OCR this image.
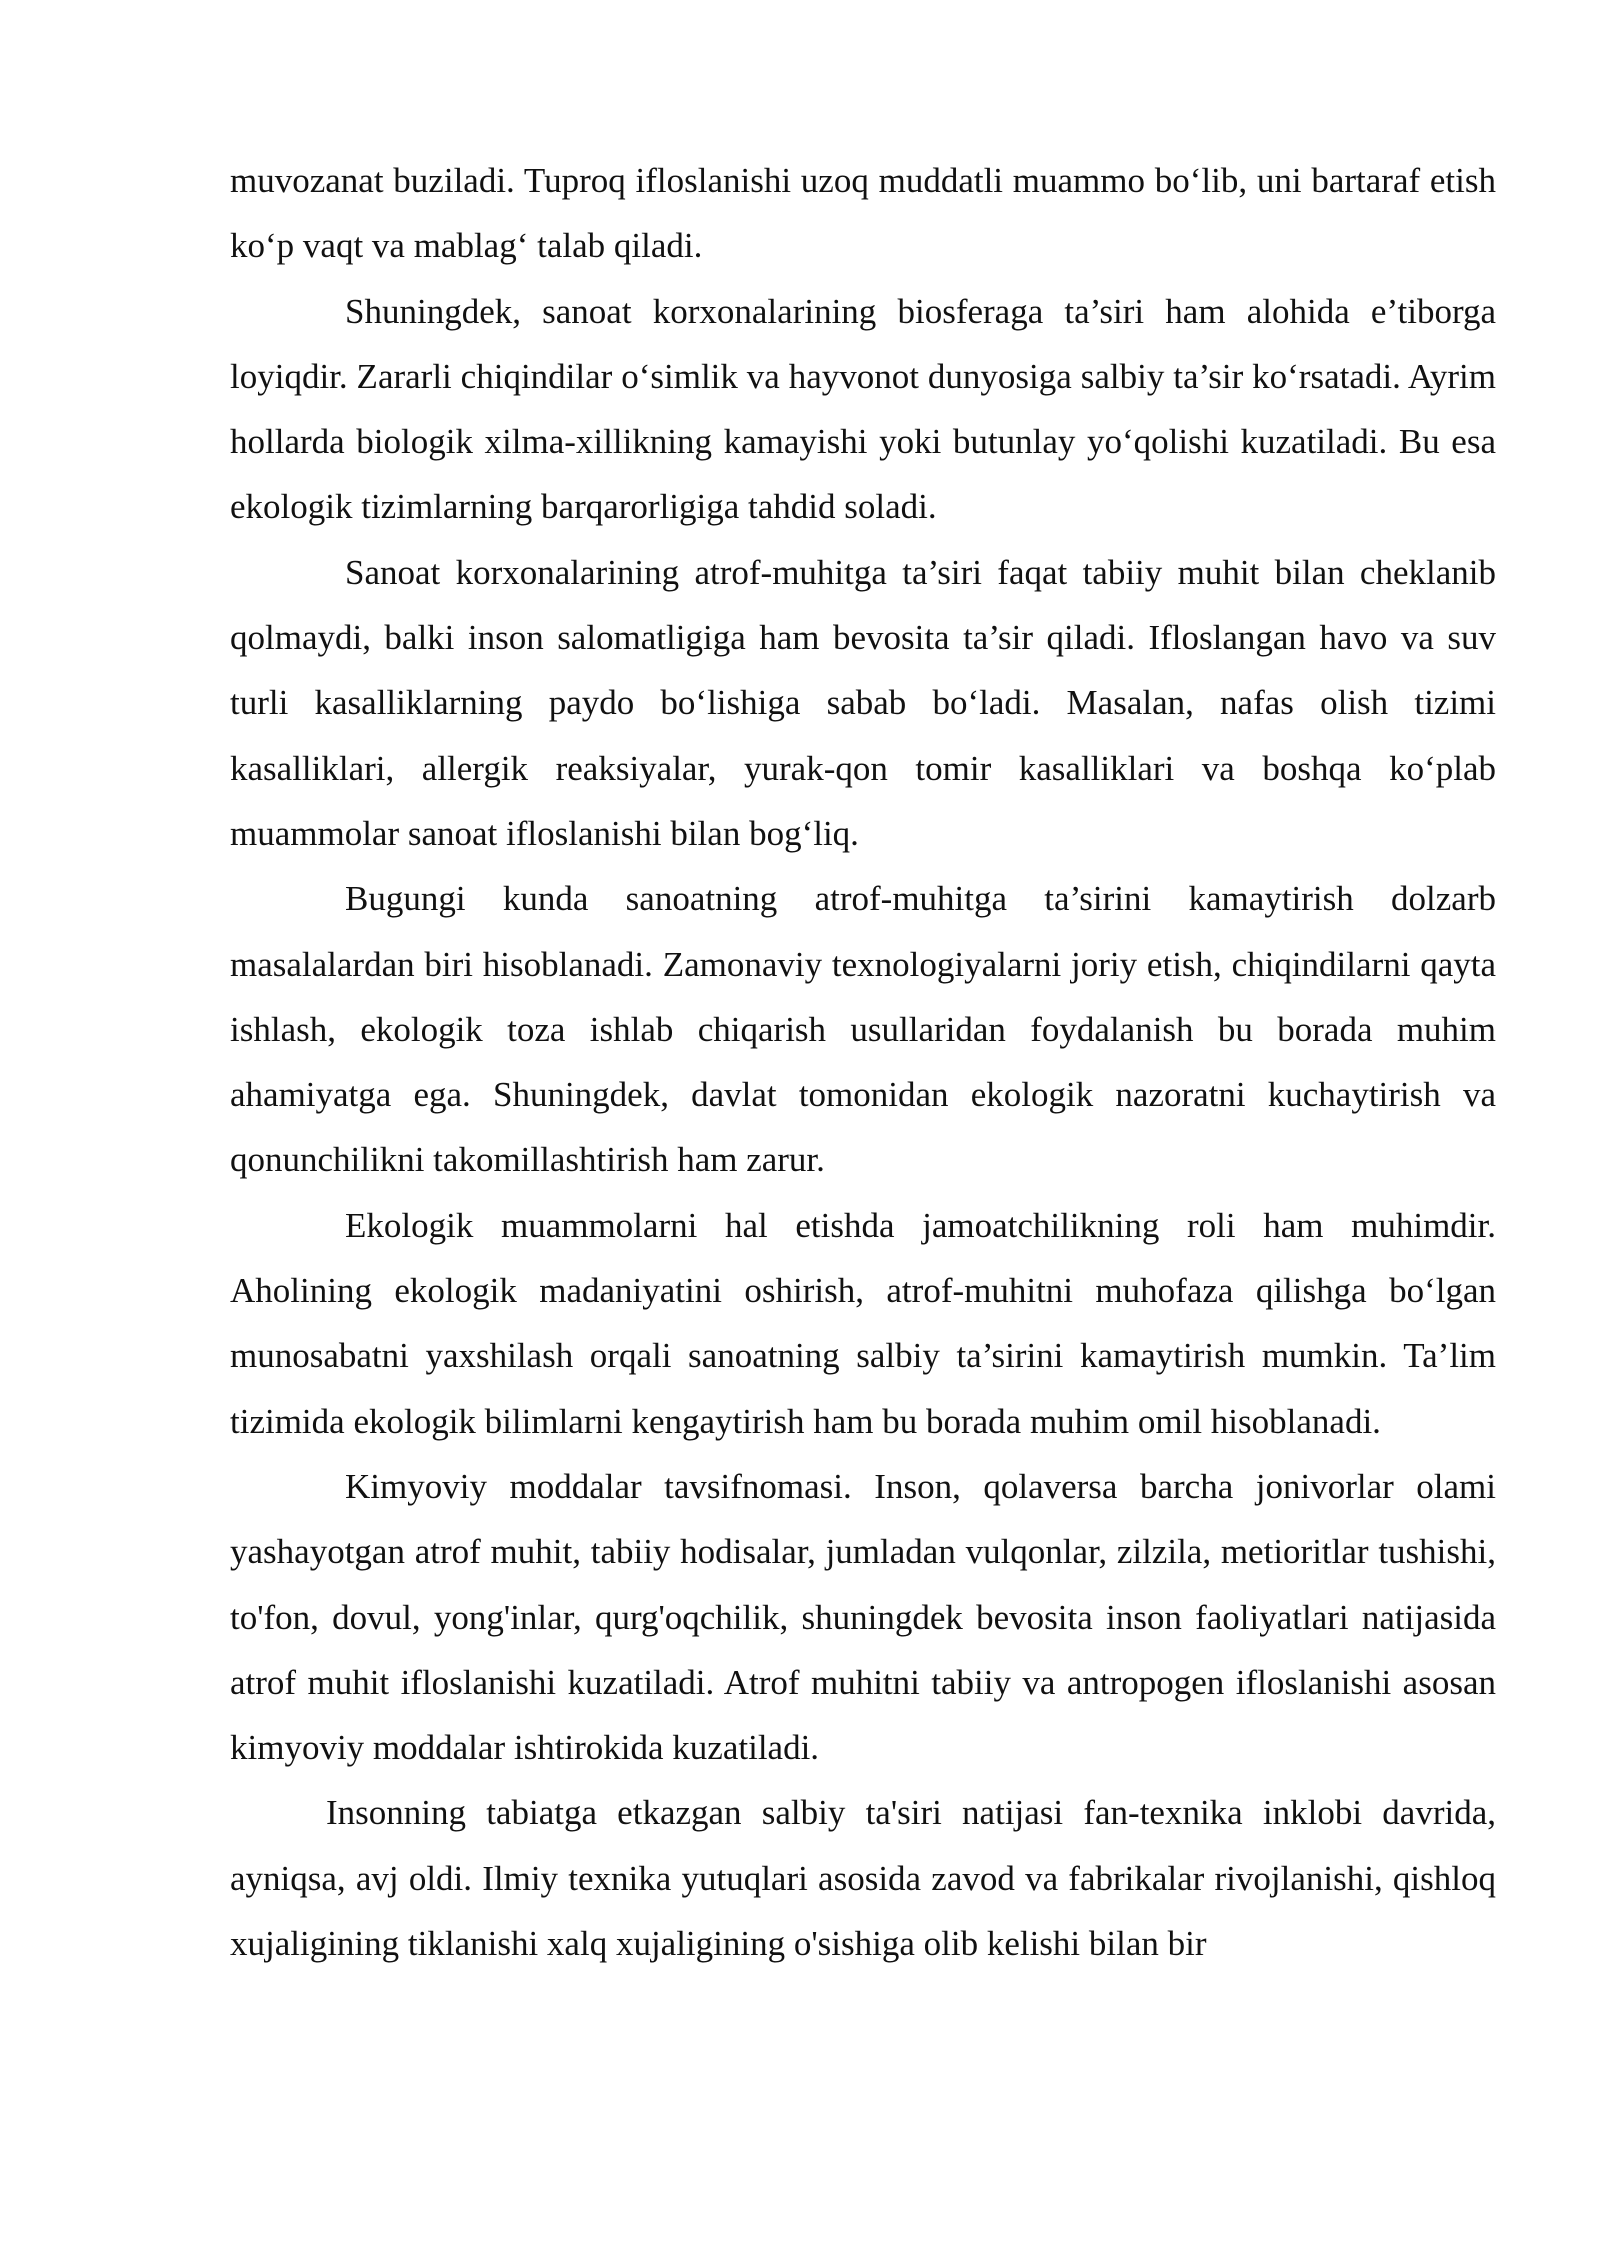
muvozanat buziladi. Tuproq ifloslanishi uzoq muddatli muammo bo‘lib, uni bartaraf etish ko‘p vaqt va mablag‘ talab qiladi.

Shuningdek, sanoat korxonalarining biosferaga ta’siri ham alohida e’tiborga loyiqdir. Zararli chiqindilar o‘simlik va hayvonot dunyosiga salbiy ta’sir ko‘rsatadi. Ayrim hollarda biologik xilma-xillikning kamayishi yoki butunlay yo‘qolishi kuzatiladi. Bu esa ekologik tizimlarning barqarorligiga tahdid soladi.

Sanoat korxonalarining atrof-muhitga ta’siri faqat tabiiy muhit bilan cheklanib qolmaydi, balki inson salomatligiga ham bevosita ta’sir qiladi. Ifloslangan havo va suv turli kasalliklarning paydo bo‘lishiga sabab bo‘ladi. Masalan, nafas olish tizimi kasalliklari, allergik reaksiyalar, yurak-qon tomir kasalliklari va boshqa ko‘plab muammolar sanoat ifloslanishi bilan bog‘liq.

Bugungi kunda sanoatning atrof-muhitga ta’sirini kamaytirish dolzarb masalalardan biri hisoblanadi. Zamonaviy texnologiyalarni joriy etish, chiqindilarni qayta ishlash, ekologik toza ishlab chiqarish usullaridan foydalanish bu borada muhim ahamiyatga ega. Shuningdek, davlat tomonidan ekologik nazoratni kuchaytirish va qonunchilikni takomillashtirish ham zarur.

Ekologik muammolarni hal etishda jamoatchilikning roli ham muhimdir. Aholining ekologik madaniyatini oshirish, atrof-muhitni muhofaza qilishga bo‘lgan munosabatni yaxshilash orqali sanoatning salbiy ta’sirini kamaytirish mumkin. Ta’lim tizimida ekologik bilimlarni kengaytirish ham bu borada muhim omil hisoblanadi.

Kimyoviy moddalar tavsifnomasi. Inson, qolaversa barcha jonivorlar olami yashayotgan atrof muhit, tabiiy hodisalar, jumladan vulqonlar, zilzila, metioritlar tushishi, to'fon, dovul, yong'inlar, qurg'oqchilik, shuningdek bevosita inson faoliyatlari natijasida atrof muhit ifloslanishi kuzatiladi. Atrof muhitni tabiiy va antropogen ifloslanishi asosan kimyoviy moddalar ishtirokida kuzatiladi.

Insonning tabiatga etkazgan salbiy ta'siri natijasi fan-texnika inklobi davrida, ayniqsa, avj oldi. Ilmiy texnika yutuqlari asosida zavod va fabrikalar rivojlanishi, qishloq xujaligining tiklanishi xalq xujaligining o'sishiga olib kelishi bilan bir
